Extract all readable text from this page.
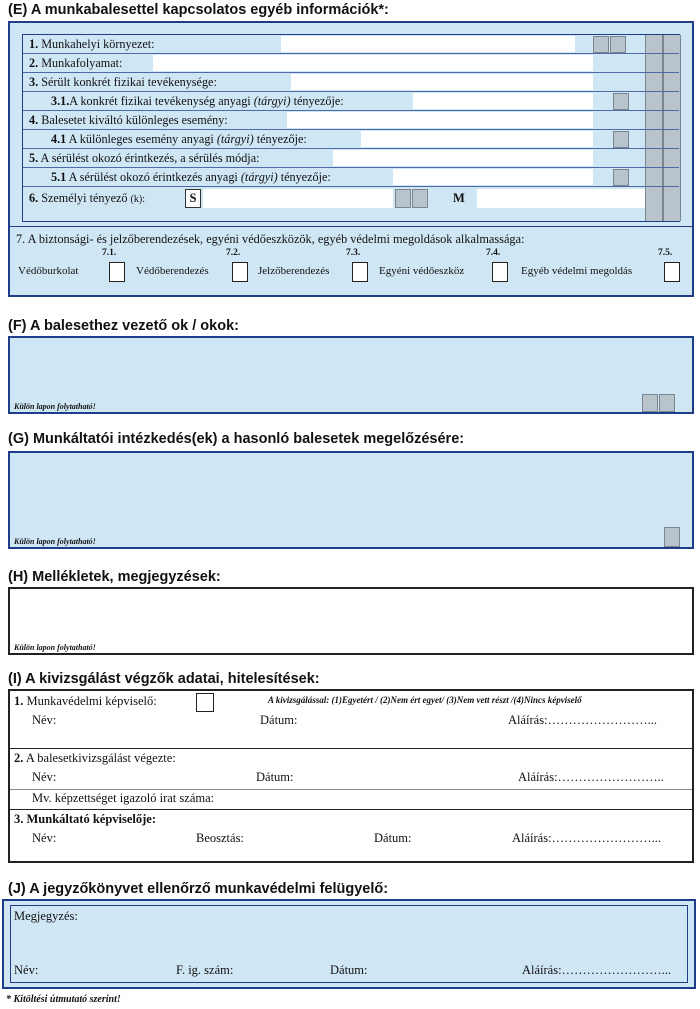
(E) A munkabalesettel kapcsolatos egyéb információk*:
1. Munkahelyi környezet:
2. Munkafolyamat:
3. Sérült konkrét fizikai tevékenysége:
3.1.A konkrét fizikai tevékenység anyagi (tárgyi) tényezője:
4. Balesetet kiváltó különleges esemény:
4.1 A különleges esemény anyagi (tárgyi) tényezője:
5. A sérülést okozó érintkezés, a sérülés módja:
5.1 A sérülést okozó érintkezés anyagi (tárgyi) tényezője:
6. Személyi tényező (k):	S	M
7. A biztonsági- és jelzőberendezések, egyéni védőeszközök, egyéb védelmi megoldások alkalmassága:
7.1.
Védőburkolat
7.2.
Védőberendezés
7.3.
Jelzőberendezés
7.4.
Egyéni védőeszköz
7.5.
Egyéb védelmi megoldás
(F) A balesethez vezető ok / okok:
Külön lapon folytatható!
(G) Munkáltatói intézkedés(ek) a hasonló balesetek megelőzésére:
Külön lapon folytatható!
(H) Mellékletek, megjegyzések:
Külön lapon folytatható!
(I) A kivizsgálást végzők adatai, hitelesítések:
1. Munkavédelmi képviselő:	A kivizsgálással: (1)Egyetért / (2)Nem ért egyet/ (3)Nem vett részt /(4)Nincs képviselő
Név:	Dátum:	Aláírás:……………………...
2. A balesetkivizsgálást végezte:
Név:	Dátum:	Aláírás:……………………..
Mv. képzettséget igazoló irat száma:
3. Munkáltató képviselője:
Név:	Beosztás:	Dátum:	Aláírás:……………………...
(J) A jegyzőkönyvet ellenőrző munkavédelmi felügyelő:
Megjegyzés:
Név:	F. ig. szám:	Dátum:	Aláírás:……………………...
* Kitöltési útmutató szerint!
